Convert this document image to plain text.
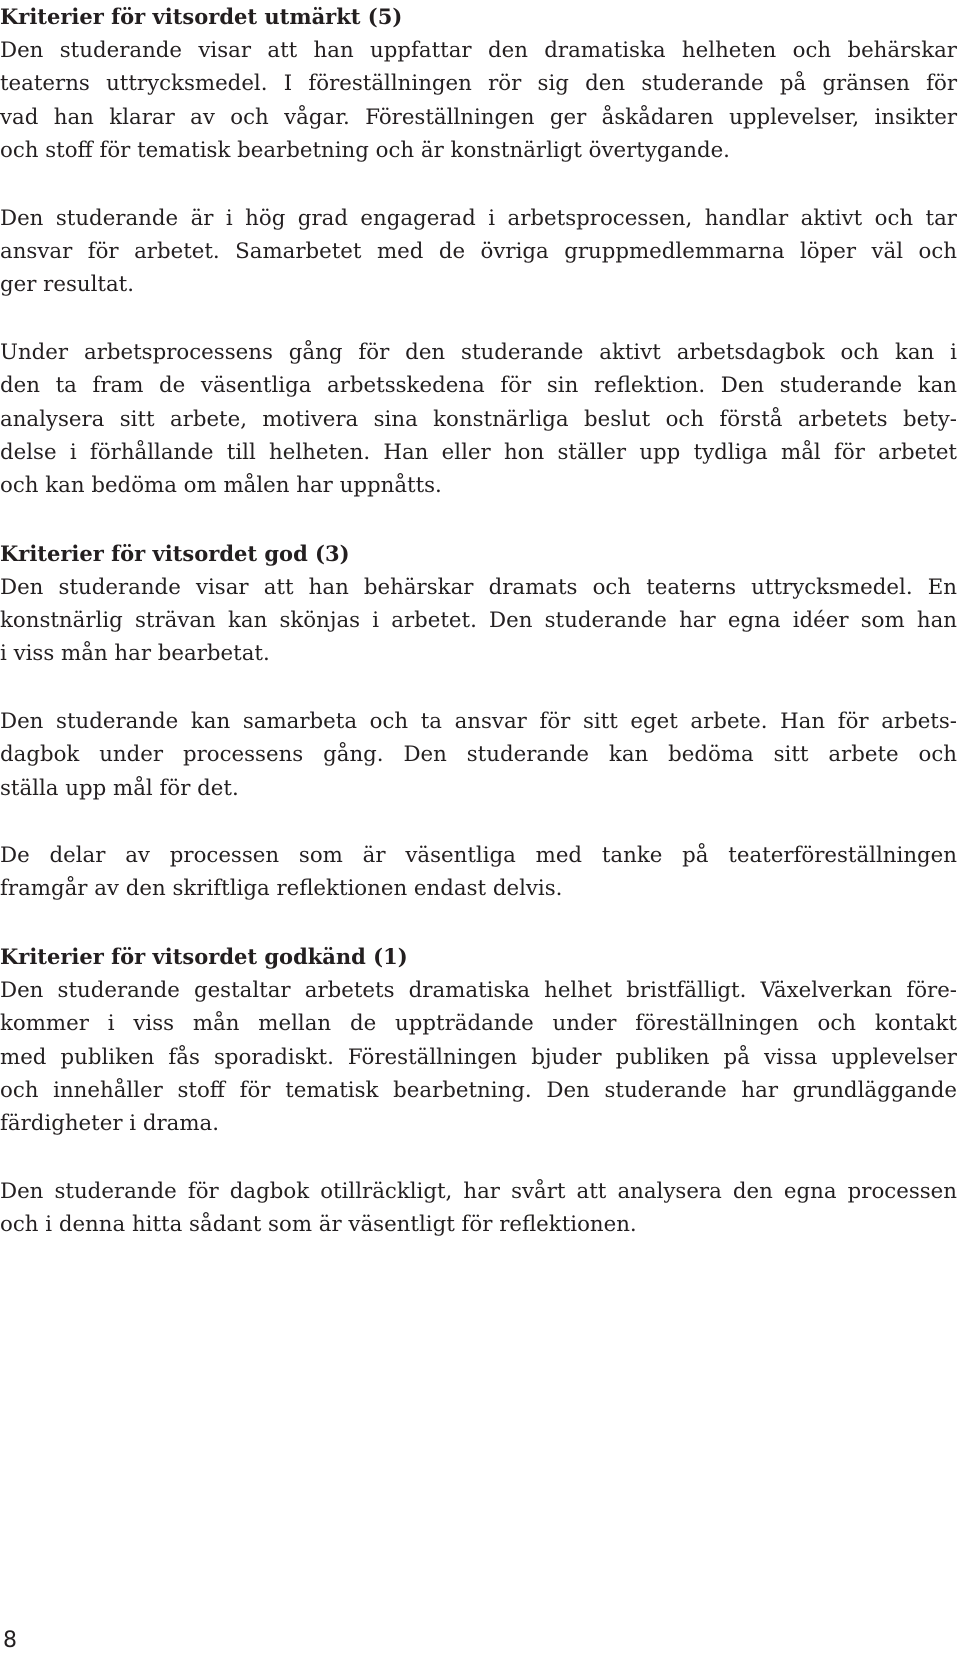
Kriterier för vitsordet utmärkt (5)
Den studerande visar att han uppfattar den dramatiska helheten och behärskar
teaterns uttrycksmedel. I föreställningen rör sig den studerande på gränsen för
vad han klarar av och vågar. Föreställningen ger åskådaren upplevelser, insikter
och stoff för tematisk bearbetning och är konstnärligt övertygande.
Den studerande är i hög grad engagerad i arbetsprocessen, handlar aktivt och tar
ansvar för arbetet. Samarbetet med de övriga gruppmedlemmarna löper väl och
ger resultat.
Under arbetsprocessens gång för den studerande aktivt arbetsdagbok och kan i
den ta fram de väsentliga arbetsskedena för sin reflektion. Den studerande kan
analysera sitt arbete, motivera sina konstnärliga beslut och förstå arbetets bety-
delse i förhållande till helheten. Han eller hon ställer upp tydliga mål för arbetet
och kan bedöma om målen har uppnåtts.
Kriterier för vitsordet god (3)
Den studerande visar att han behärskar dramats och teaterns uttrycksmedel. En
konstnärlig strävan kan skönjas i arbetet. Den studerande har egna idéer som han
i viss mån har bearbetat.
Den studerande kan samarbeta och ta ansvar för sitt eget arbete. Han för arbets-
dagbok under processens gång. Den studerande kan bedöma sitt arbete och
ställa upp mål för det.
De delar av processen som är väsentliga med tanke på teaterföreställningen
framgår av den skriftliga reflektionen endast delvis.
Kriterier för vitsordet godkänd (1)
Den studerande gestaltar arbetets dramatiska helhet bristfälligt. Växelverkan före-
kommer i viss mån mellan de uppträdande under föreställningen och kontakt
med publiken fås sporadiskt. Föreställningen bjuder publiken på vissa upplevelser
och innehåller stoff för tematisk bearbetning. Den studerande har grundläggande
färdigheter i drama.
Den studerande för dagbok otillräckligt, har svårt att analysera den egna processen
och i denna hitta sådant som är väsentligt för reflektionen.
8
